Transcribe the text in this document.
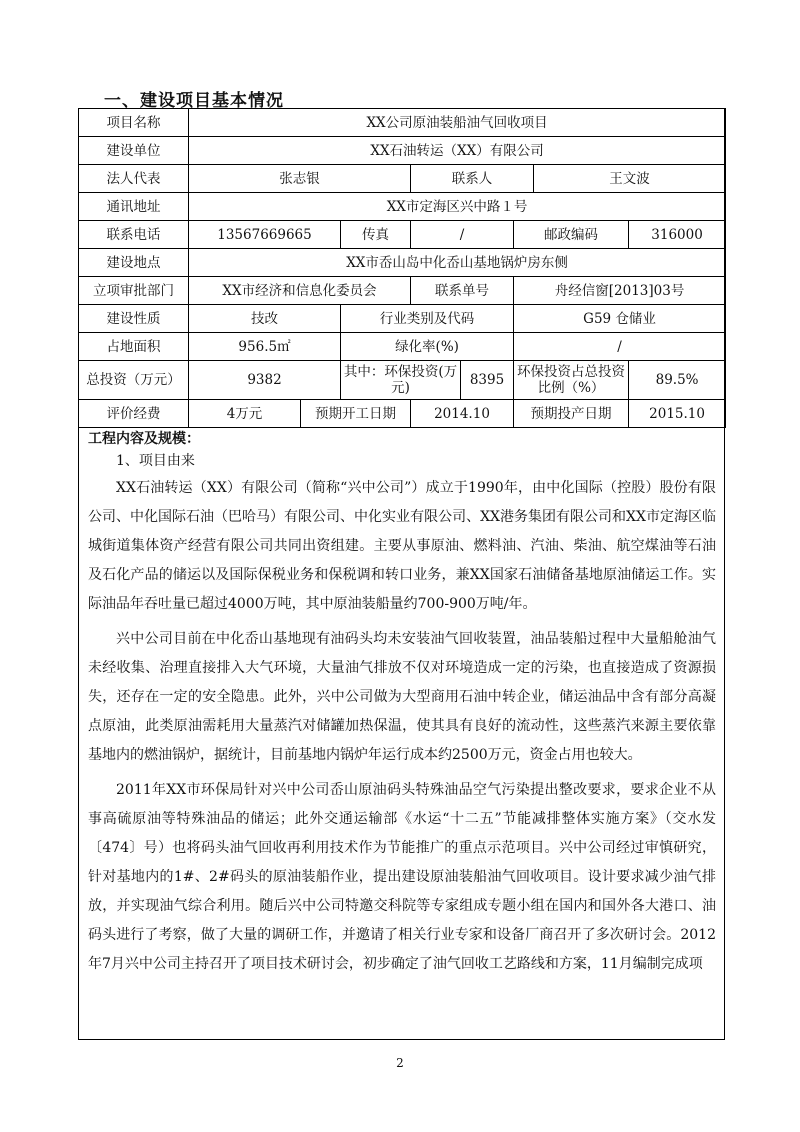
一、建设项目基本情况
项目名称	XX公司原油装船油气回收项目							
建设单位	XX石油转运（XX）有限公司							
法人代表	张志银			联系人			王文波	
通讯地址	XX市定海区兴中路１号							
联系电话	13567669665		传真	/		邮政编码		316000
建设地点	XX市岙山岛中化岙山基地锅炉房东侧							
立项审批部门	XX市经济和信息化委员会			联系单号		舟经信窗[2013]03号		
建设性质	技改		行业类别及代码			G59 仓储业		
占地面积	956.5㎡		绿化率(%)			/		
总投资（万元）	9382		其中：环保投资(万元)		8395	环保投资占总投资比例（%）		89.5%
评价经费	4万元	预期开工日期		2014.10		预期投产日期		2015.10
工程内容及规模：
1、项目由来

XX石油转运（XX）有限公司（简称“兴中公司”）成立于1990年，由中化国际（控股）股份有限公司、中化国际石油（巴哈马）有限公司、中化实业有限公司、XX港务集团有限公司和XX市定海区临城街道集体资产经营有限公司共同出资组建。主要从事原油、燃料油、汽油、柴油、航空煤油等石油及石化产品的储运以及国际保税业务和保税调和转口业务，兼XX国家石油储备基地原油储运工作。实际油品年吞吐量已超过4000万吨，其中原油装船量约700-900万吨/年。

兴中公司目前在中化岙山基地现有油码头均未安装油气回收装置，油品装船过程中大量船舱油气未经收集、治理直接排入大气环境，大量油气排放不仅对环境造成一定的污染，也直接造成了资源损失，还存在一定的安全隐患。此外，兴中公司做为大型商用石油中转企业，储运油品中含有部分高凝点原油，此类原油需耗用大量蒸汽对储罐加热保温，使其具有良好的流动性，这些蒸汽来源主要依靠基地内的燃油锅炉，据统计，目前基地内锅炉年运行成本约2500万元，资金占用也较大。

2011年XX市环保局针对兴中公司岙山原油码头特殊油品空气污染提出整改要求，要求企业不从事高硫原油等特殊油品的储运；此外交通运输部《水运“十二五”节能减排整体实施方案》（交水发〔474〕号）也将码头油气回收再利用技术作为节能推广的重点示范项目。兴中公司经过审慎研究，针对基地内的1#、2#码头的原油装船作业，提出建设原油装船油气回收项目。设计要求减少油气排放，并实现油气综合利用。随后兴中公司特邀交科院等专家组成专题小组在国内和国外各大港口、油码头进行了考察，做了大量的调研工作，并邀请了相关行业专家和设备厂商召开了多次研讨会。2012年7月兴中公司主持召开了项目技术研讨会，初步确定了油气回收工艺路线和方案，11月编制完成项

2
